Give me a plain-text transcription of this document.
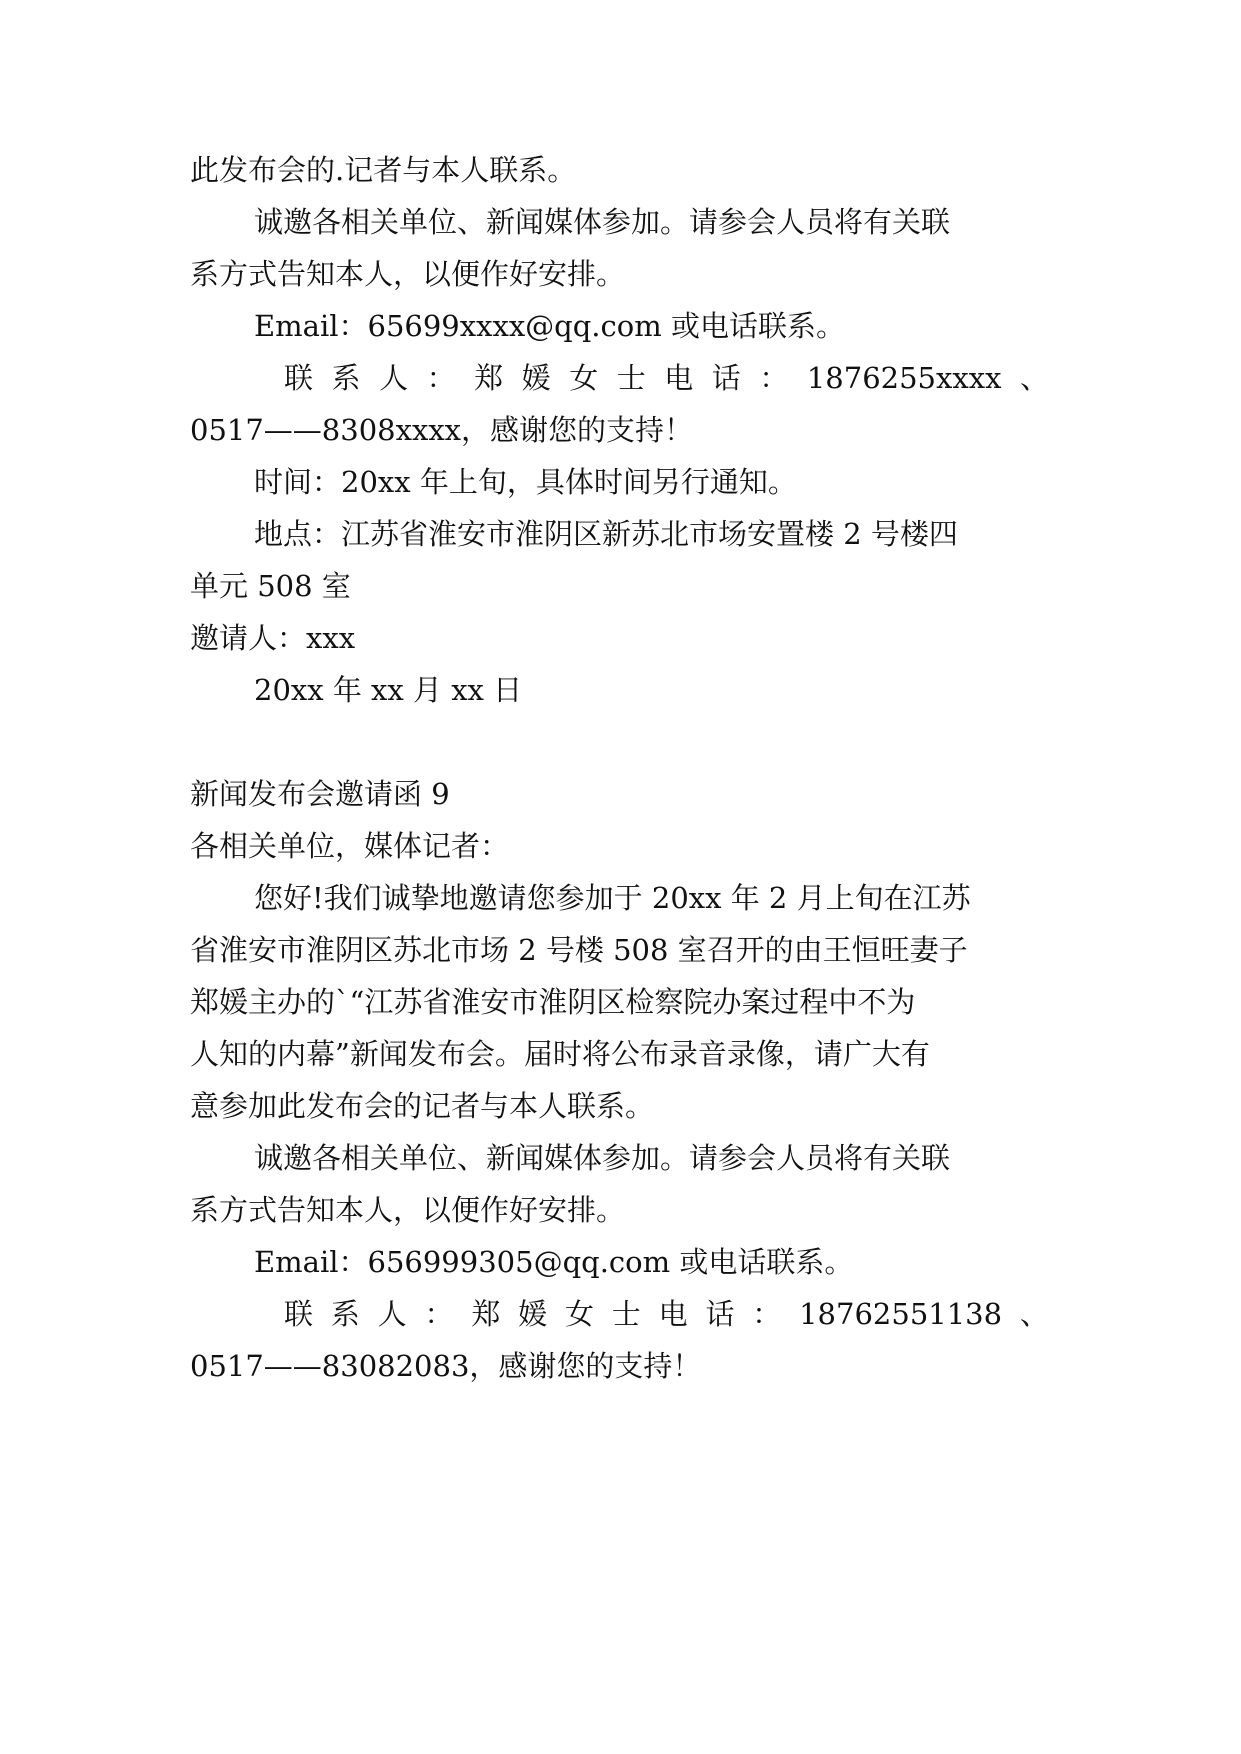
此发布会的.记者与本人联系。
诚邀各相关单位、新闻媒体参加。请参会人员将有关联
系方式告知本人，以便作好安排。
Email：65699xxxx@qq.com 或电话联系。
联 系 人 ： 郑 媛 女 士 电 话 ： 1876255xxxx 、
0517——8308xxxx，感谢您的支持！
时间：20xx 年上旬，具体时间另行通知。
地点：江苏省淮安市淮阴区新苏北市场安置楼 2 号楼四
单元 508 室
邀请人：xxx
20xx 年 xx 月 xx 日
新闻发布会邀请函 9
各相关单位，媒体记者：
您好!我们诚挚地邀请您参加于 20xx 年 2 月上旬在江苏
省淮安市淮阴区苏北市场 2 号楼 508 室召开的由王恒旺妻子
郑媛主办的`“江苏省淮安市淮阴区检察院办案过程中不为
人知的内幕”新闻发布会。届时将公布录音录像，请广大有
意参加此发布会的记者与本人联系。
诚邀各相关单位、新闻媒体参加。请参会人员将有关联
系方式告知本人，以便作好安排。
Email：656999305@qq.com 或电话联系。
联 系 人 ： 郑 媛 女 士 电 话 ： 18762551138 、
0517——83082083，感谢您的支持！
